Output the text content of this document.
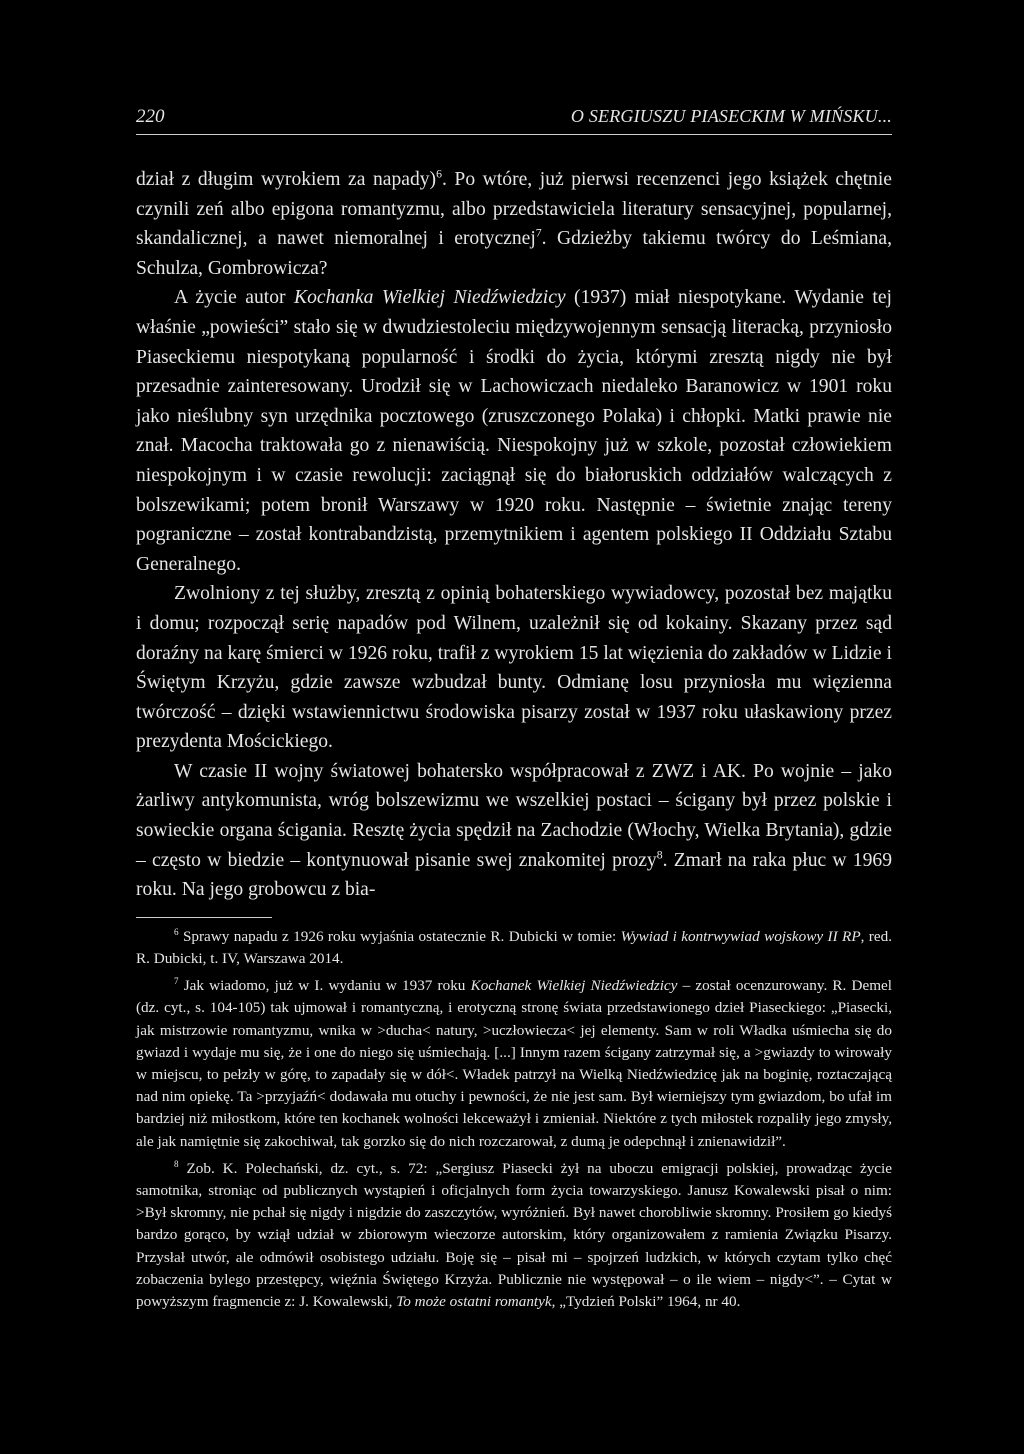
220	O SERGIUSZU PIASECKIM W MIŃSKU...

dział z długim wyrokiem za napady)$^6$. Po wtóre, już pierwsi recenzenci jego książek chętnie czynili zeń albo epigona romantyzmu, albo przedstawiciela literatury sensacyjnej, popularnej, skandalicznej, a nawet niemoralnej i erotycznej$^7$. Gdzieżby takiemu twórcy do Leśmiana, Schulza, Gombrowicza?

A życie autor Kochanka Wielkiej Niedźwiedzicy (1937) miał niespotykane. Wydanie tej właśnie „powieści” stało się w dwudziestoleciu międzywojennym sensacją literacką, przyniosło Piaseckiemu niespotykaną popularność i środki do życia, którymi zresztą nigdy nie był przesadnie zainteresowany. Urodził się w Lachowiczach niedaleko Baranowicz w 1901 roku jako nieślubny syn urzędnika pocztowego (zruszczonego Polaka) i chłopki. Matki prawie nie znał. Macocha traktowała go z nienawiścią. Niespokojny już w szkole, pozostał człowiekiem niespokojnym i w czasie rewolucji: zaciągnął się do białoruskich oddziałów walczących z bolszewikami; potem bronił Warszawy w 1920 roku. Następnie – świetnie znając tereny pograniczne – został kontrabandzistą, przemytnikiem i agentem polskiego II Oddziału Sztabu Generalnego.

Zwolniony z tej służby, zresztą z opinią bohaterskiego wywiadowcy, pozostał bez majątku i domu; rozpoczął serię napadów pod Wilnem, uzależnił się od kokainy. Skazany przez sąd doraźny na karę śmierci w 1926 roku, trafił z wyrokiem 15 lat więzienia do zakładów w Lidzie i Świętym Krzyżu, gdzie zawsze wzbudzał bunty. Odmianę losu przyniosła mu więzienna twórczość – dzięki wstawiennictwu środowiska pisarzy został w 1937 roku ułaskawiony przez prezydenta Mościckiego.

W czasie II wojny światowej bohatersko współpracował z ZWZ i AK. Po wojnie – jako żarliwy antykomunista, wróg bolszewizmu we wszelkiej postaci – ścigany był przez polskie i sowieckie organa ścigania. Resztę życia spędził na Zachodzie (Włochy, Wielka Brytania), gdzie – często w biedzie – kontynuował pisanie swej znakomitej prozy$^8$. Zmarł na raka płuc w 1969 roku. Na jego grobowcu z bia-

$^6$ Sprawy napadu z 1926 roku wyjaśnia ostatecznie R. Dubicki w tomie: Wywiad i kontrwywiad wojskowy II RP, red. R. Dubicki, t. IV, Warszawa 2014.

$^7$ Jak wiadomo, już w I. wydaniu w 1937 roku Kochanek Wielkiej Niedźwiedzicy – został ocenzurowany. R. Demel (dz. cyt., s. 104-105) tak ujmował i romantyczną, i erotyczną stronę świata przedstawionego dzieł Piaseckiego: „Piasecki, jak mistrzowie romantyzmu, wnika w >ducha< natury, >uczłowiecza< jej elementy. Sam w roli Władka uśmiecha się do gwiazd i wydaje mu się, że i one do niego się uśmiechają. [...] Innym razem ścigany zatrzymał się, a >gwiazdy to wirowały w miejscu, to pełzły w górę, to zapadały się w dół<. Władek patrzył na Wielką Niedźwiedzicę jak na boginię, roztaczającą nad nim opiekę. Ta >przyjaźń< dodawała mu otuchy i pewności, że nie jest sam. Był wierniejszy tym gwiazdom, bo ufał im bardziej niż miłostkom, które ten kochanek wolności lekceważył i zmieniał. Niektóre z tych miłostek rozpaliły jego zmysły, ale jak namiętnie się zakochiwał, tak gorzko się do nich rozczarował, z dumą je odepchnął i znienawidził”.

$^8$ Zob. K. Polechański, dz. cyt., s. 72: „Sergiusz Piasecki żył na uboczu emigracji polskiej, prowadząc życie samotnika, stroniąc od publicznych wystąpień i oficjalnych form życia towarzyskiego. Janusz Kowalewski pisał o nim: >Był skromny, nie pchał się nigdy i nigdzie do zaszczytów, wyróżnień. Był nawet chorobliwie skromny. Prosiłem go kiedyś bardzo gorąco, by wziął udział w zbiorowym wieczorze autorskim, który organizowałem z ramienia Związku Pisarzy. Przysłał utwór, ale odmówił osobistego udziału. Boję się – pisał mi – spojrzeń ludzkich, w których czytam tylko chęć zobaczenia bylego przestępcy, więźnia Świętego Krzyża. Publicznie nie występował – o ile wiem – nigdy<”. – Cytat w powyższym fragmencie z: J. Kowalewski, To może ostatni romantyk, „Tydzień Polski” 1964, nr 40.
